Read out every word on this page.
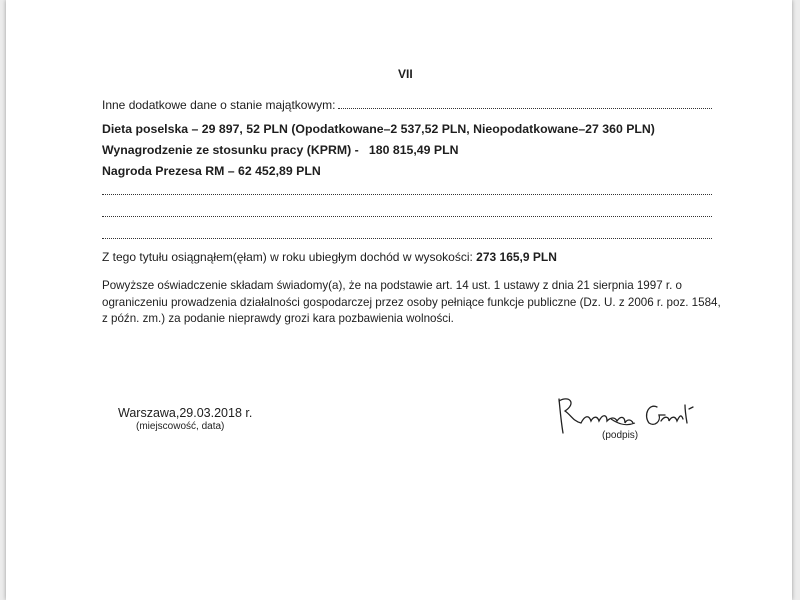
VII
Inne dodatkowe dane o stanie majątkowym:
Dieta poselska – 29 897, 52 PLN (Opodatkowane–2 537,52 PLN, Nieopodatkowane–27 360 PLN)
Wynagrodzenie ze stosunku pracy (KPRM) -   180 815,49 PLN
Nagroda Prezesa RM – 62 452,89 PLN
Z tego tytułu osiągnąłem(ęłam) w roku ubiegłym dochód w wysokości: 273 165,9 PLN
Powyższe oświadczenie składam świadomy(a), że na podstawie art. 14 ust. 1 ustawy z dnia 21 sierpnia 1997 r. o ograniczeniu prowadzenia działalności gospodarczej przez osoby pełniące funkcje publiczne (Dz. U. z 2006 r. poz. 1584, z późn. zm.) za podanie nieprawdy grozi kara pozbawienia wolności.
Warszawa,29.03.2018 r.
(miejscowość, data)
(podpis)
